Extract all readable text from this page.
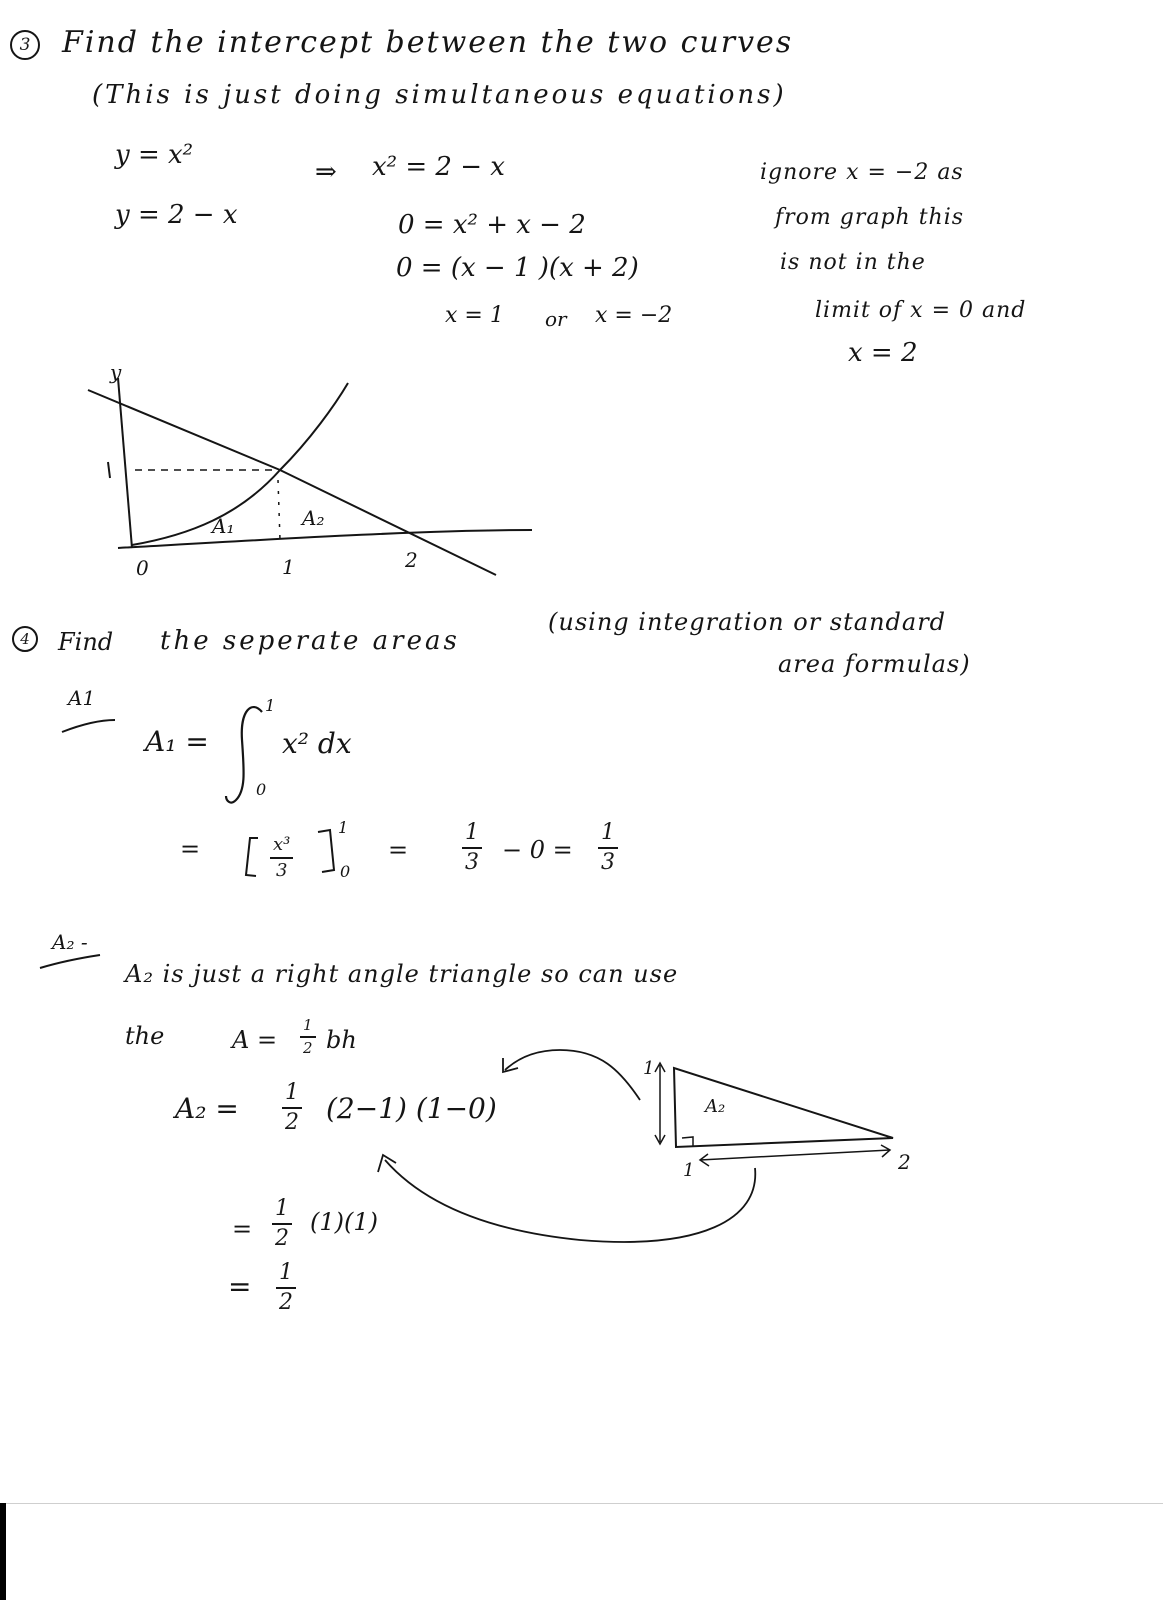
3	Find the intercept between the two curves
(This is just doing simultaneous equations)
y = x²
y = 2 − x
⇒ x² = 2 − x
0 = x² + x − 2
0 = (x − 1 )(x + 2)
x = 1 or x = −2
ignore x = −2 as
from graph this
is not in the
limit of x = 0 and
x = 2
y
0	1	2
A₁	A₂
4	Find the seperate areas
(using integration or standard
area formulas)
A1
A₁ =
1
0
x² dx
=	x³
3
1
0
=
1
3 − 0 =
1
3
A₂ -
A₂ is just a right angle triangle so can use
the	A =
1
2 bh
A₂ = 1
2 (2−1) (1−0)
=
1
2
(1)(1)
= 1
2
A₂
1
1	2
